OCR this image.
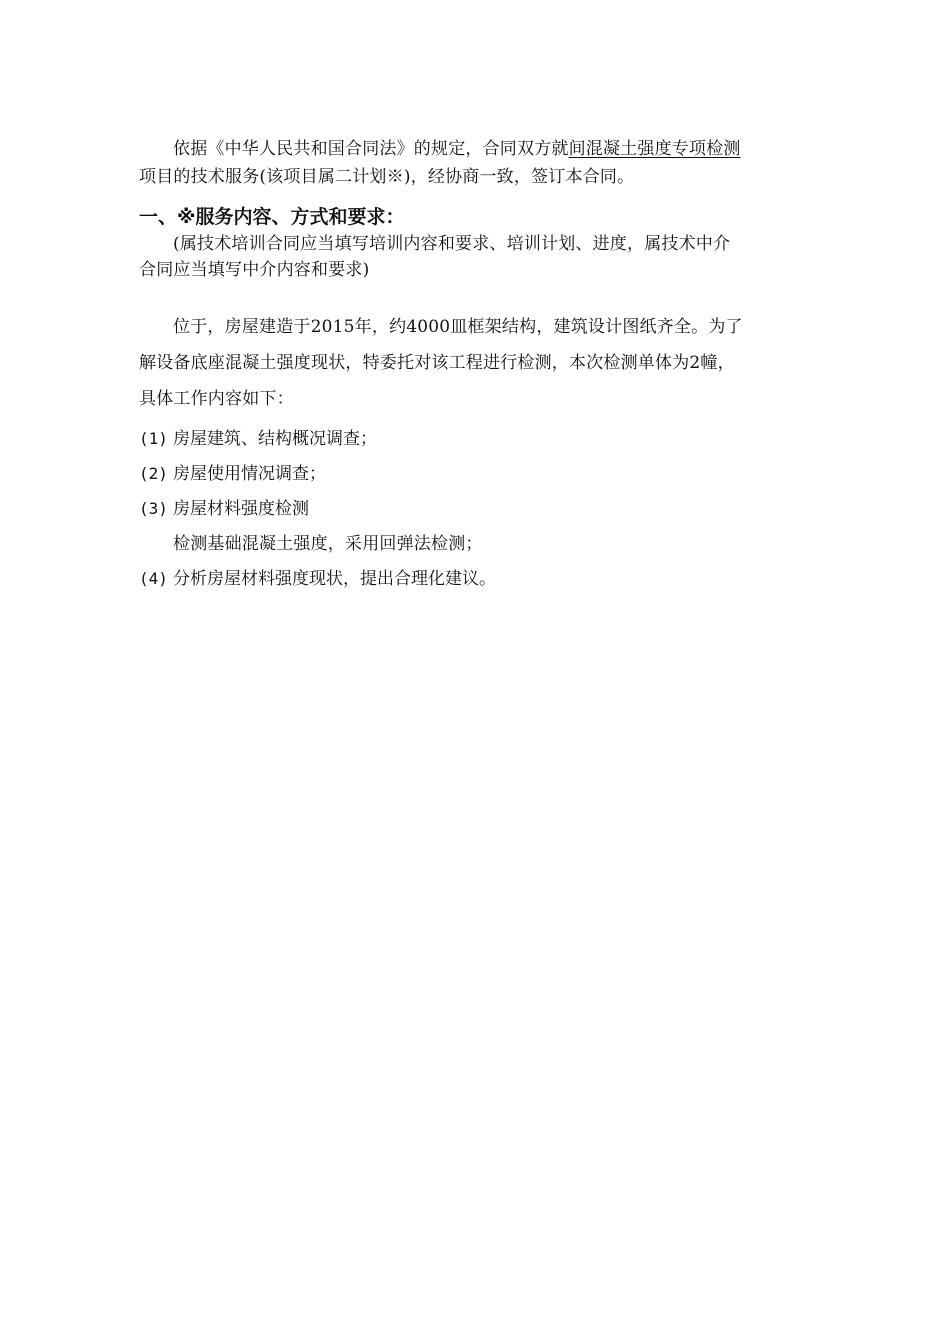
依据《中华人民共和国合同法》的规定，合同双方就间混凝土强度专项检测
项目的技术服务(该项目属二计划※)，经协商一致，签订本合同。
一、※服务内容、方式和要求：
(属技术培训合同应当填写培训内容和要求、培训计划、进度，属技术中介
合同应当填写中介内容和要求)
位于，房屋建造于2015年，约4000皿框架结构，建筑设计图纸齐全。为了
解设备底座混凝土强度现状，特委托对该工程进行检测，本次检测单体为2幢，
具体工作内容如下：
(1) 房屋建筑、结构概况调查；
(2) 房屋使用情况调查；
(3) 房屋材料强度检测
检测基础混凝土强度，采用回弹法检测；
(4) 分析房屋材料强度现状，提出合理化建议。
